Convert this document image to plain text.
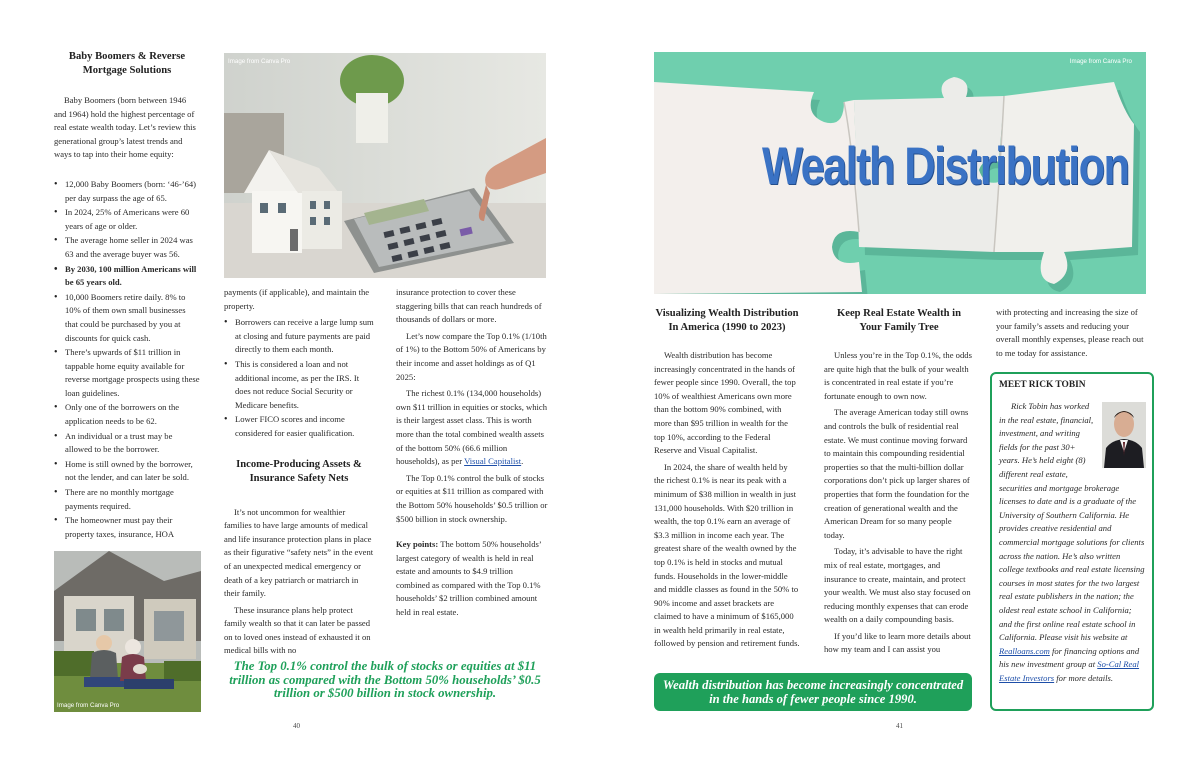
Baby Boomers & Reverse
Mortgage Solutions

Baby Boomers (born between 1946 and 1964) hold the highest percentage of real estate wealth today. Let’s review this generational group’s latest trends and ways to tap into their home equity:

• 12,000 Baby Boomers (born: ‘46-’64) per day surpass the age of 65.
• In 2024, 25% of Americans were 60 years of age or older.
• The average home seller in 2024 was 63 and the average buyer was 56.
• By 2030, 100 million Americans will be 65 years old.
• 10,000 Boomers retire daily. 8% to 10% of them own small businesses that could be purchased by you at discounts for quick cash.
• There’s upwards of $11 trillion in tappable home equity available for reverse mortgage prospects using these loan guidelines.
• Only one of the borrowers on the application needs to be 62.
• An individual or a trust may be allowed to be the borrower.
• Home is still owned by the borrower, not the lender, and can later be sold.
• There are no monthly mortgage payments required.
• The homeowner must pay their property taxes, insurance, HOA
Image from Canva Pro
Image from Canva Pro

payments (if applicable), and maintain the property.

• Borrowers can receive a large lump sum at closing and future payments are paid directly to them each month.
• This is considered a loan and not additional income, as per the IRS. It does not reduce Social Security or Medicare benefits.
• Lower FICO scores and income considered for easier qualification.
Income-Producing Assets &
Insurance Safety Nets

It’s not uncommon for wealthier families to have large amounts of medical and life insurance protection plans in place as their figurative “safety nets” in the event of an unexpected medical emergency or death of a key patriarch or matriarch in their family.

These insurance plans help protect family wealth so that it can later be passed on to loved ones instead of exhausted it on medical bills with no

insurance protection to cover these staggering bills that can reach hundreds of thousands of dollars or more.

Let’s now compare the Top 0.1% (1/10th of 1%) to the Bottom 50% of Americans by their income and asset holdings as of Q1 2025:

The richest 0.1% (134,000 households) own $11 trillion in equities or stocks, which is their largest asset class. This is worth more than the total combined wealth assets of the bottom 50% (66.6 million households), as per Visual Capitalist.

The Top 0.1% control the bulk of stocks or equities at $11 trillion as compared with the Bottom 50% households’ $0.5 trillion or $500 billion in stock ownership.

Key points: The bottom 50% households’ largest category of wealth is held in real estate and amounts to $4.9 trillion combined as compared with the Top 0.1% households’ $2 trillion combined amount held in real estate.

The Top 0.1% control the bulk of stocks or equities at $11 trillion as compared with the Bottom 50% households’ $0.5 trillion or $500 billion in stock ownership.
40
Wealth Distribution
Image from Canva Pro
Visualizing Wealth Distribution
In America (1990 to 2023)

Wealth distribution has become increasingly concentrated in the hands of fewer people since 1990. Overall, the top 10% of wealthiest Americans own more than the bottom 90% combined, with more than $95 trillion in wealth for the top 10%, according to the Federal Reserve and Visual Capitalist.

In 2024, the share of wealth held by the richest 0.1% is near its peak with a minimum of $38 million in wealth in just 131,000 households. With $20 trillion in wealth, the top 0.1% earn an average of $3.3 million in income each year. The greatest share of the wealth owned by the top 0.1% is held in stocks and mutual funds. Households in the lower-middle and middle classes as found in the 50% to 90% income and asset brackets are claimed to have a minimum of $165,000 in wealth held primarily in real estate, followed by pension and retirement funds.

Keep Real Estate Wealth in
Your Family Tree

Unless you’re in the Top 0.1%, the odds are quite high that the bulk of your wealth is concentrated in real estate if you’re fortunate enough to own now.

The average American today still owns and controls the bulk of residential real estate. We must continue moving forward to maintain this compounding residential properties so that the multi-billion dollar corporations don’t pick up larger shares of properties that form the foundation for the creation of generational wealth and the American Dream for so many people today.

Today, it’s advisable to have the right mix of real estate, mortgages, and insurance to create, maintain, and protect your wealth. We must also stay focused on reducing monthly expenses that can erode wealth on a daily compounding basis.

If you’d like to learn more details about how my team and I can assist you

with protecting and increasing the size of your family’s assets and reducing your overall monthly expenses, please reach out to me today for assistance.

MEET RICK TOBIN
Rick Tobin has worked in the real estate, financial, investment, and writing fields for the past 30+ years. He’s held eight (8) different real estate, securities and mortgage brokerage licenses to date and is a graduate of the University of Southern California. He provides creative residential and commercial mortgage solutions for clients across the nation. He’s also written college textbooks and real estate licensing courses in most states for the two largest real estate publishers in the nation; the oldest real estate school in California; and the first online real estate school in California. Please visit his website at Realloans.com for financing options and his new investment group at So-Cal Real Estate Investors for more details.
Wealth distribution has become increasingly concentrated in the hands of fewer people since 1990.
41
